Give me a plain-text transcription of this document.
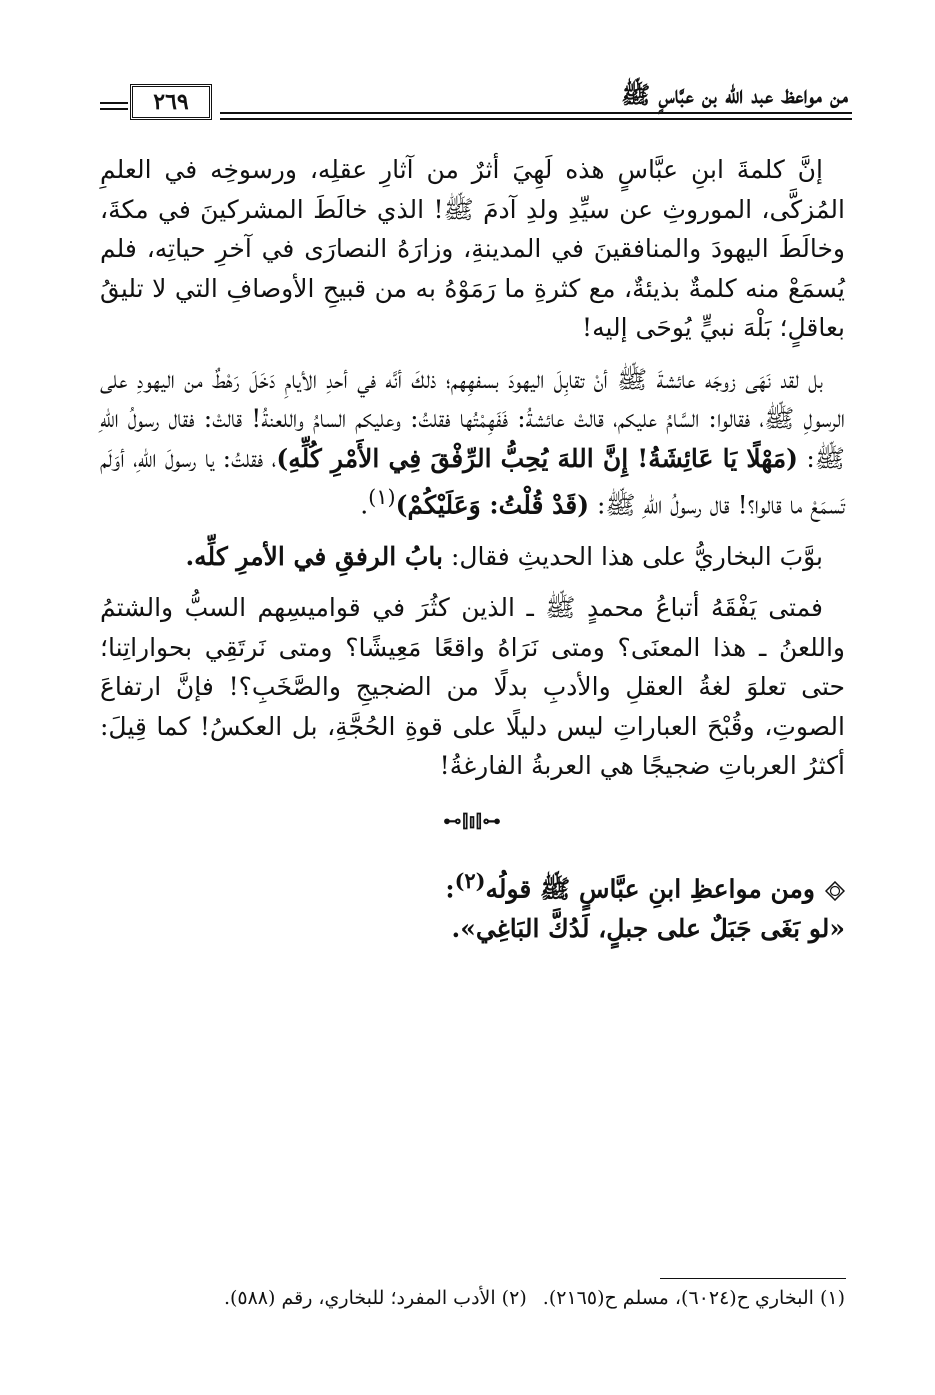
من مواعظ عبد الله بن عبَّاسٍ ﷺ
٢٦٩

إنَّ كلمةَ ابنِ عبَّاسٍ هذه لَهِيَ أثرٌ من آثارِ عقلِه، ورسوخِه في العلمِ المُزكَّى، الموروثِ عن سيِّدِ ولدِ آدمَ ﷺ! الذي خالَطَ المشركينَ في مكةَ، وخالَطَ اليهودَ والمنافقينَ في المدينةِ، وزارَهُ النصارَى في آخرِ حياتِه، فلم يُسمَعْ منه كلمةٌ بذيئةٌ، مع كثرةِ ما رَمَوْهُ به من قبيحِ الأوصافِ التي لا تليقُ بعاقلٍ؛ بَلْهَ نبيٍّ يُوحَى إليه!

بل لقد نَهَى زوجَه عائشةَ ﷺ أنْ تقابِلَ اليهودَ بسفهِهم؛ ذلكَ أنَّه في أحدِ الأيامِ دَخَلَ رَهْطٌ من اليهودِ على الرسولِ ﷺ، فقالوا: السَّامُ عليكم، قالتْ عائشةُ: فَفَهِمْتُها فقلتُ: وعليكم السامُ واللعنةُ! قالتْ: فقال رسولُ اللهِ ﷺ: (مَهْلًا يَا عَائِشَةُ! إِنَّ اللهَ يُحِبُّ الرِّفْقَ فِي الأَمْرِ كُلِّهِ)، فقلتُ: يا رسولَ اللهِ، أوَلَم تَسمَعْ ما قالوا؟! قال رسولُ اللهِ ﷺ: (قَدْ قُلْتُ: وَعَلَيْكُمْ)$^{(١)}$.

بوَّبَ البخاريُّ على هذا الحديثِ فقال: بابُ الرفقِ في الأمرِ كلِّه.

فمتى يَفْقَهُ أتباعُ محمدٍ ﷺ ـ الذين كثُرَ في قواميسِهم السبُّ والشتمُ واللعنُ ـ هذا المعنَى؟ ومتى نَرَاهُ واقعًا مَعِيشًا؟ ومتى نَرتَقِي بحواراتِنا؛ حتى تعلوَ لغةُ العقلِ والأدبِ بدلًا من الضجيجِ والصَّخَبِ؟! فإنَّ ارتفاعَ الصوتِ، وقُبْحَ العباراتِ ليس دليلًا على قوةِ الحُجَّةِ، بل العكسُ! كما قِيلَ: أكثرُ العرباتِ ضجيجًا هي العربةُ الفارغةُ!

⊷⫿⫾⫿⊶

ومن مواعظِ ابنِ عبَّاسٍ ﷺ قولُه$^{(٢)}$:

«لو بَغَى جَبَلٌ على جبلٍ، لَدُكَّ البَاغِي».

(١) البخاري ح(٦٠٢٤)، مسلم ح(٢١٦٥). (٢) الأدب المفرد؛ للبخاري، رقم (٥٨٨).
